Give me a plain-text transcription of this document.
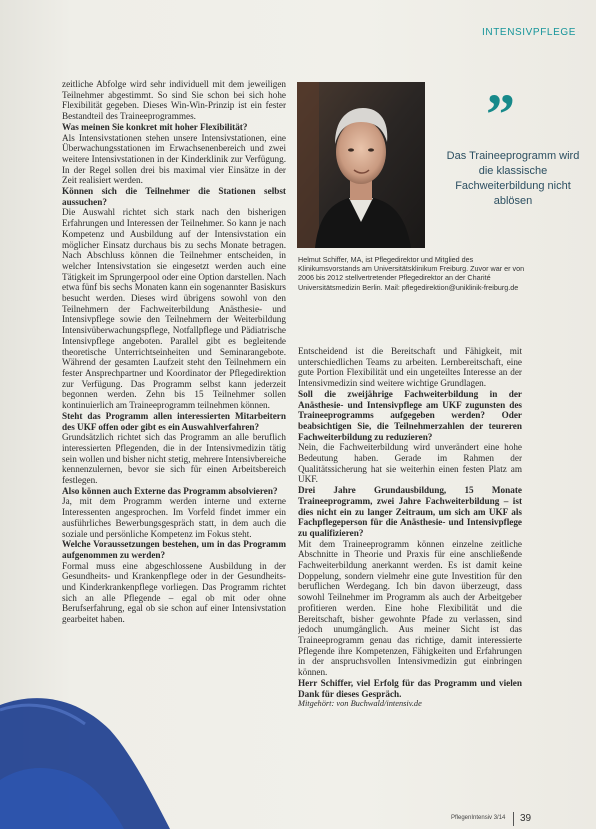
INTENSIVPFLEGE

zeitliche Abfolge wird sehr individuell mit dem jeweiligen Teilnehmer abgestimmt. So sind Sie schon bei sich hohe Flexibilität gegeben. Dieses Win-Win-Prinzip ist ein fester Bestandteil des Traineeprogrammes.

Was meinen Sie konkret mit hoher Flexibilität?

Als Intensivstationen stehen unsere Intensivstationen, eine Überwachungsstationen im Erwachsenenbereich und zwei weitere Intensivstationen in der Kinderklinik zur Verfügung. In der Regel sollen drei bis maximal vier Einsätze in der Zeit realisiert werden.

Können sich die Teilnehmer die Stationen selbst aussuchen?

Die Auswahl richtet sich stark nach den bisherigen Erfahrungen und Interessen der Teilnehmer. So kann je nach Kompetenz und Ausbildung auf der Intensivstation ein möglicher Einsatz durchaus bis zu sechs Monate betragen. Nach Abschluss können die Teilnehmer entscheiden, in welcher Intensivstation sie eingesetzt werden auch eine Tätigkeit im Sprungerpool oder eine Option darstellen. Nach etwa fünf bis sechs Monaten kann ein sogenannter Basiskurs besucht werden. Dieses wird übrigens sowohl von den Teilnehmern der Fachweiterbildung Anästhesie- und Intensivpflege sowie den Teilnehmern der Weiterbildung Intensivüberwachungspflege, Notfallpflege und Pädiatrische Intensivpflege angeboten. Parallel gibt es begleitende theoretische Unterrichtseinheiten und Seminarangebote. Während der gesamten Laufzeit steht den Teilnehmern ein fester Ansprechpartner und Koordinator der Pflegedirektion zur Verfügung. Das Programm selbst kann jederzeit begonnen werden. Zehn bis 15 Teilnehmer sollen kontinuierlich am Traineeprogramm teilnehmen können.

Steht das Programm allen interessierten Mitarbeitern des UKF offen oder gibt es ein Auswahlverfahren?

Grundsätzlich richtet sich das Programm an alle beruflich interessierten Pflegenden, die in der Intensivmedizin tätig sein wollen und bisher nicht stetig, mehrere Intensivbereiche kennenzulernen, bevor sie sich für einen Arbeitsbereich festlegen.

Also können auch Externe das Programm absolvieren?

Ja, mit dem Programm werden interne und externe Interessenten angesprochen. Im Vorfeld findet immer ein ausführliches Bewerbungsgespräch statt, in dem auch die soziale und persönliche Kompetenz im Fokus steht.

Welche Voraussetzungen bestehen, um in das Programm aufgenommen zu werden?

Formal muss eine abgeschlossene Ausbildung in der Gesundheits- und Krankenpflege oder in der Gesundheits- und Kinderkrankenpflege vorliegen. Das Programm richtet sich an alle Pflegende – egal ob mit oder ohne Berufserfahrung, egal ob sie schon auf einer Intensivstation gearbeitet haben.

Helmut Schiffer, MA, ist Pflegedirektor und Mitglied des Klinikumsvorstands am Universitätsklinikum Freiburg. Zuvor war er von 2006 bis 2012 stellvertretender Pflegedirektor an der Charité Universitätsmedizin Berlin. Mail: pflegedirektion@uniklinik-freiburg.de
”
Das Traineeprogramm wird die klassische Fachweiterbildung nicht ablösen

Entscheidend ist die Bereitschaft und Fähigkeit, mit unterschiedlichen Teams zu arbeiten. Lernbereitschaft, eine gute Portion Flexibilität und ein ungeteiltes Interesse an der Intensivmedizin sind weitere wichtige Grundlagen.

Soll die zweijährige Fachweiterbildung in der Anästhesie- und Intensivpflege am UKF zugunsten des Traineeprogramms aufgegeben werden? Oder beabsichtigen Sie, die Teilnehmerzahlen der teureren Fachweiterbildung zu reduzieren?

Nein, die Fachweiterbildung wird unverändert eine hohe Bedeutung haben. Gerade im Rahmen der Qualitätssicherung hat sie weiterhin einen festen Platz am UKF.

Drei Jahre Grundausbildung, 15 Monate Traineeprogramm, zwei Jahre Fachweiterbildung – ist dies nicht ein zu langer Zeitraum, um sich am UKF als Fachpflegeperson für die Anästhesie- und Intensivpflege zu qualifizieren?

Mit dem Traineeprogramm können einzelne zeitliche Abschnitte in Theorie und Praxis für eine anschließende Fachweiterbildung anerkannt werden. Es ist damit keine Doppelung, sondern vielmehr eine gute Investition für den beruflichen Werdegang. Ich bin davon überzeugt, dass sowohl Teilnehmer im Programm als auch der Arbeitgeber profitieren werden. Eine hohe Flexibilität und die Bereitschaft, bisher gewohnte Pfade zu verlassen, sind jedoch unumgänglich. Aus meiner Sicht ist das Traineeprogramm genau das richtige, damit interessierte Pflegende ihre Kompetenzen, Fähigkeiten und Erfahrungen in der anspruchsvollen Intensivmedizin gut einbringen können.

Herr Schiffer, viel Erfolg für das Programm und vielen Dank für dieses Gespräch.

Mitgehört: von Buchwald/intensiv.de

PflegenIntensiv 3/14 39
